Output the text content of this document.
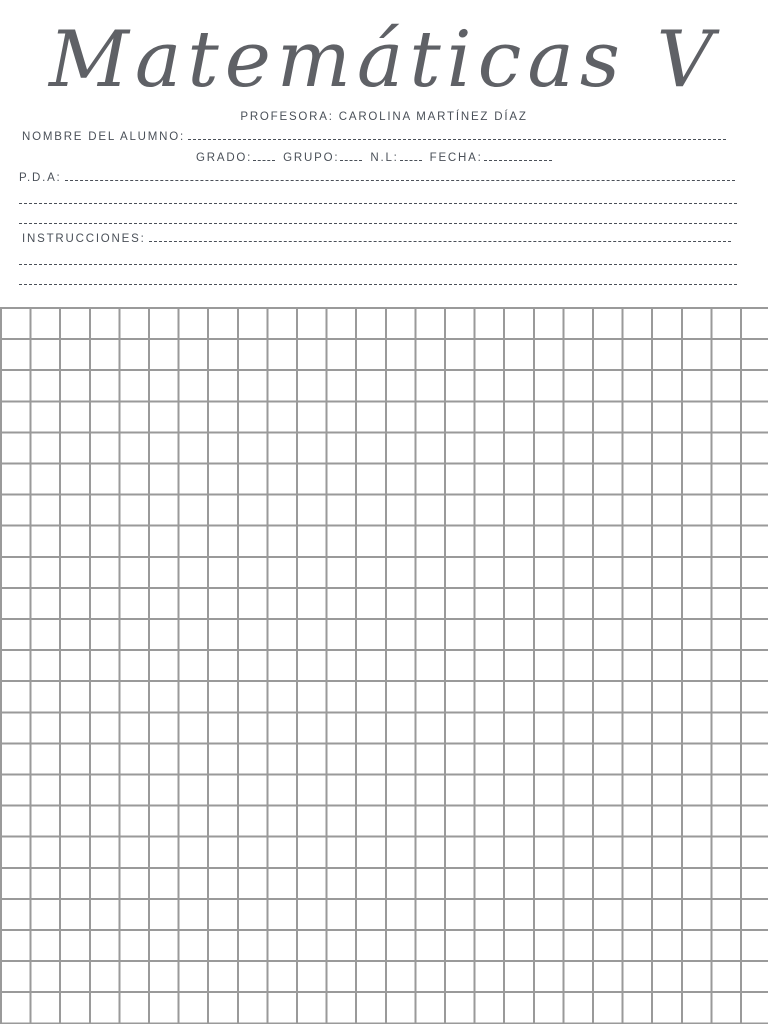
Matemáticas V
PROFESORA: CAROLINA MARTÍNEZ DÍAZ
NOMBRE DEL ALUMNO:
GRADO:	GRUPO:	N.L:	FECHA:
P.D.A:
INSTRUCCIONES:
